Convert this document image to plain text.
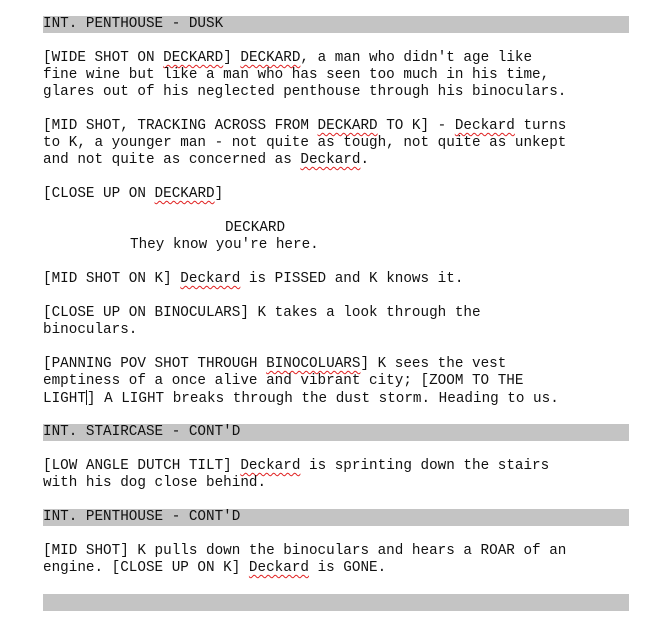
INT. PENTHOUSE - DUSK
[WIDE SHOT ON DECKARD] DECKARD, a man who didn't age like
fine wine but like a man who has seen too much in his time,
glares out of his neglected penthouse through his binoculars.
[MID SHOT, TRACKING ACROSS FROM DECKARD TO K] - Deckard turns
to K, a younger man - not quite as tough, not quite as unkept
and not quite as concerned as Deckard.
[CLOSE UP ON DECKARD]
DECKARD
They know you're here.
[MID SHOT ON K] Deckard is PISSED and K knows it.
[CLOSE UP ON BINOCULARS] K takes a look through the
binoculars.
[PANNING POV SHOT THROUGH BINOCOLUARS] K sees the vest
emptiness of a once alive and vibrant city; [ZOOM TO THE
LIGHT] A LIGHT breaks through the dust storm. Heading to us.
INT. STAIRCASE - CONT'D
[LOW ANGLE DUTCH TILT] Deckard is sprinting down the stairs
with his dog close behind.
INT. PENTHOUSE - CONT'D
[MID SHOT] K pulls down the binoculars and hears a ROAR of an
engine. [CLOSE UP ON K] Deckard is GONE.
